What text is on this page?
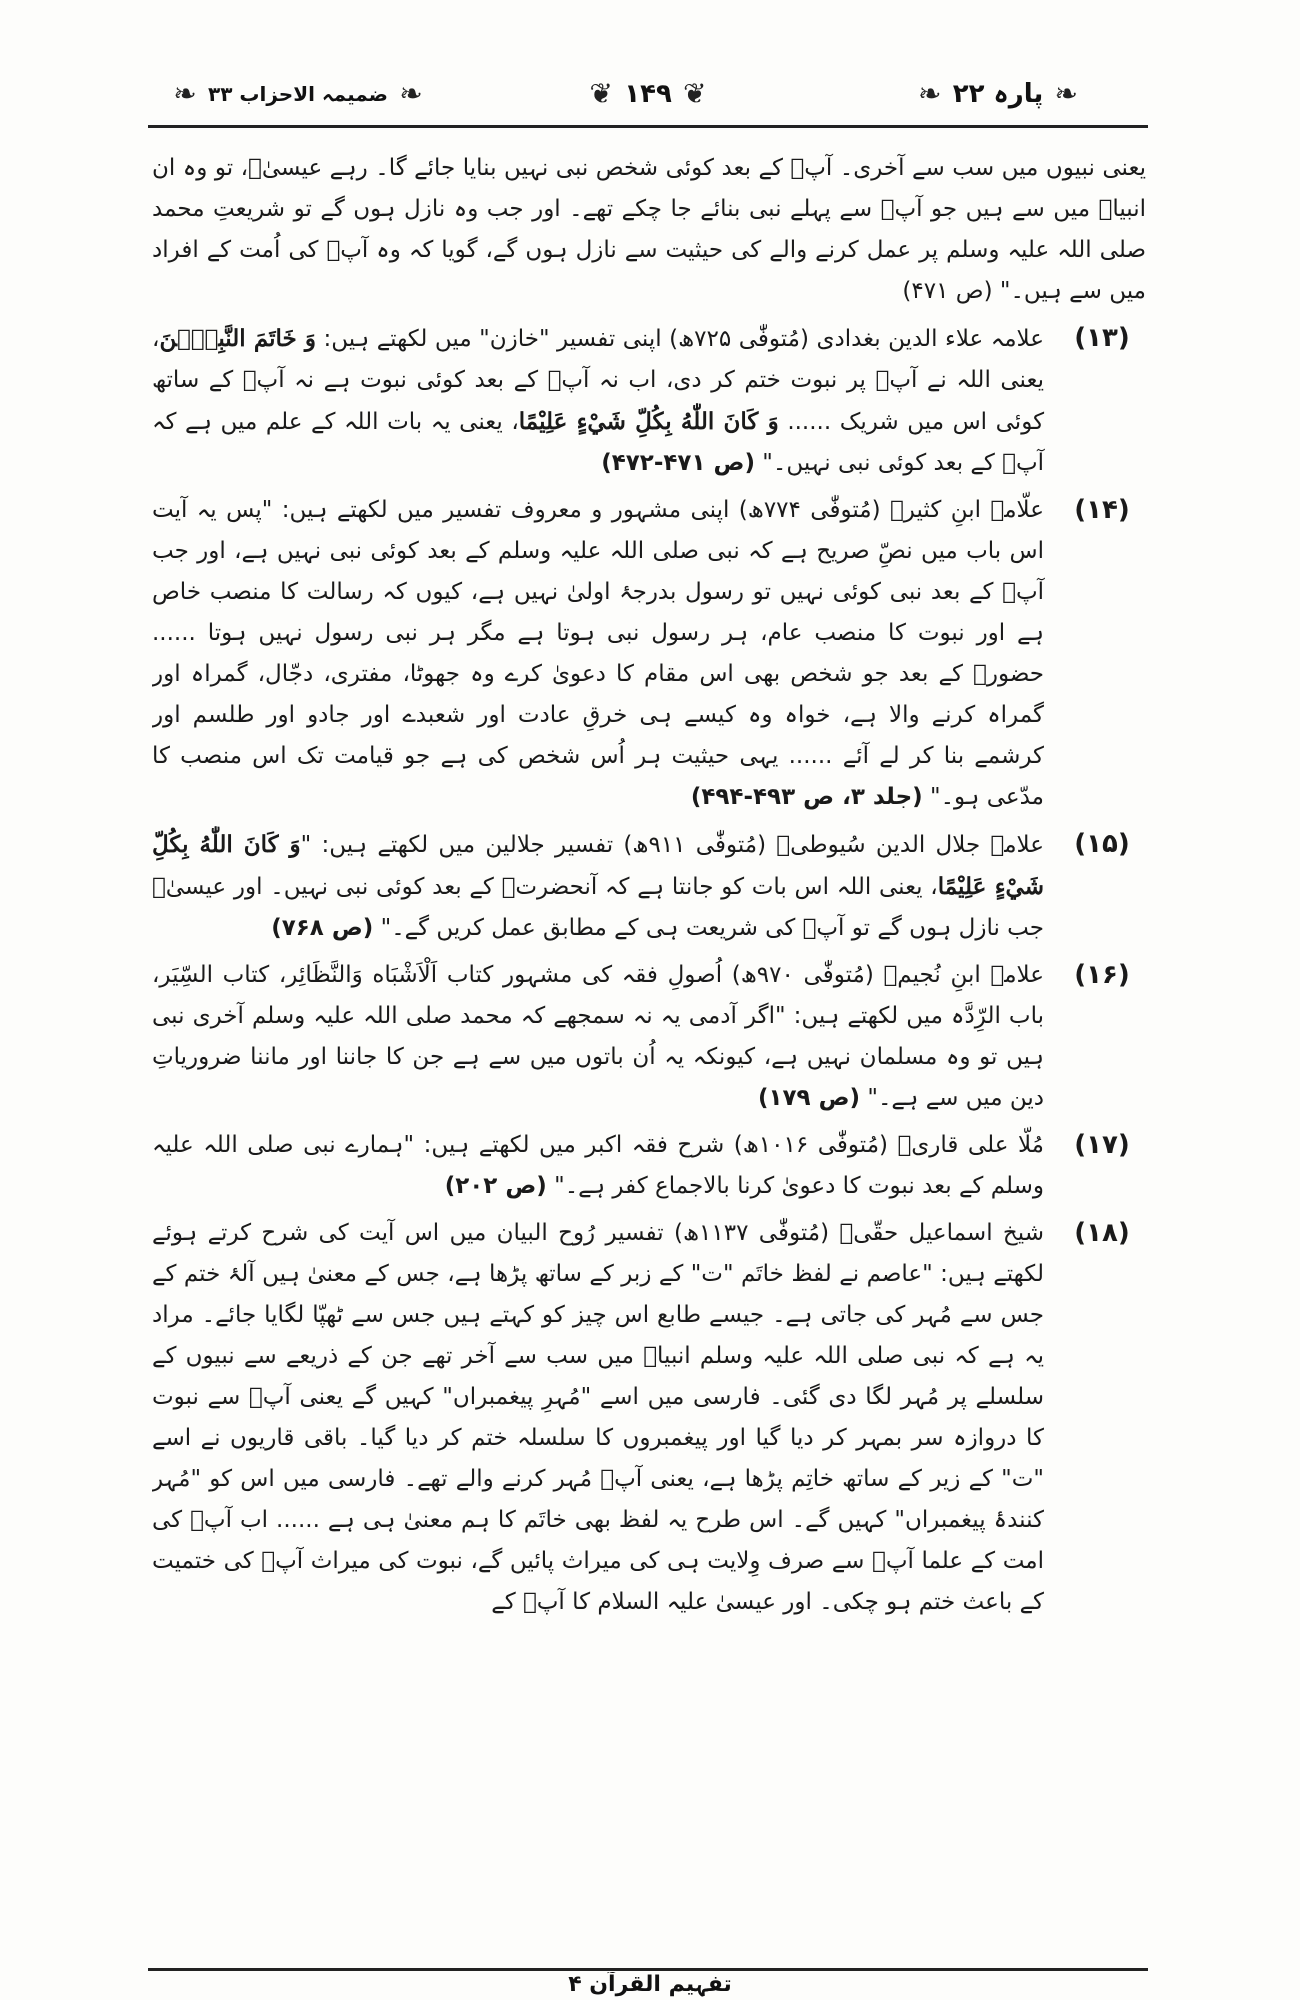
❧
پارہ ۲۲
❧
❦
۱۴۹
❦
❧
ضمیمہ الاحزاب ۳۳
❧

یعنی نبیوں میں سب سے آخری۔ آپؐ کے بعد کوئی شخص نبی نہیں بنایا جائے گا۔ رہے عیسیٰؑ، تو وہ ان انبیاؑ میں سے ہیں جو آپؐ سے پہلے نبی بنائے جا چکے تھے۔ اور جب وہ نازل ہوں گے تو شریعتِ محمد صلی اللہ علیہ وسلم پر عمل کرنے والے کی حیثیت سے نازل ہوں گے، گویا کہ وہ آپؐ کی اُمت کے افراد میں سے ہیں۔" (ص ۴۷۱)

(۱۳)
علامہ علاء الدین بغدادی (مُتوفّٰی ۷۲۵ھ) اپنی تفسیر "خازن" میں لکھتے ہیں: وَ خَاتَمَ النَّبِيّٖنَ، یعنی اللہ نے آپؐ پر نبوت ختم کر دی، اب نہ آپؐ کے بعد کوئی نبوت ہے نہ آپؐ کے ساتھ کوئی اس میں شریک ...... وَ كَانَ اللّٰهُ بِكُلِّ شَيْءٍ عَلِيْمًا، یعنی یہ بات اللہ کے علم میں ہے کہ آپؐ کے بعد کوئی نبی نہیں۔" (ص ۴۷۱-۴۷۲)
(۱۴)
علّامہ ابنِ کثیرؒ (مُتوفّٰی ۷۷۴ھ) اپنی مشہور و معروف تفسیر میں لکھتے ہیں: "پس یہ آیت اس باب میں نصِّ صریح ہے کہ نبی صلی اللہ علیہ وسلم کے بعد کوئی نبی نہیں ہے، اور جب آپؐ کے بعد نبی کوئی نہیں تو رسول بدرجۂ اولیٰ نہیں ہے، کیوں کہ رسالت کا منصب خاص ہے اور نبوت کا منصب عام، ہر رسول نبی ہوتا ہے مگر ہر نبی رسول نہیں ہوتا ...... حضورؐ کے بعد جو شخص بھی اس مقام کا دعویٰ کرے وہ جھوٹا، مفتری، دجّال، گمراہ اور گمراہ کرنے والا ہے، خواہ وہ کیسے ہی خرقِ عادت اور شعبدے اور جادو اور طلسم اور کرشمے بنا کر لے آئے ...... یہی حیثیت ہر اُس شخص کی ہے جو قیامت تک اس منصب کا مدّعی ہو۔" (جلد ۳، ص ۴۹۳-۴۹۴)
(۱۵)
علامہ جلال الدین سُیوطیؒ (مُتوفّٰی ۹۱۱ھ) تفسیر جلالین میں لکھتے ہیں: "وَ كَانَ اللّٰهُ بِكُلِّ شَيْءٍ عَلِيْمًا، یعنی اللہ اس بات کو جانتا ہے کہ آنحضرتؐ کے بعد کوئی نبی نہیں۔ اور عیسیٰؑ جب نازل ہوں گے تو آپؐ کی شریعت ہی کے مطابق عمل کریں گے۔" (ص ۷۶۸)
(۱۶)
علامہ ابنِ نُجیمؒ (مُتوفّٰی ۹۷۰ھ) اُصولِ فقہ کی مشہور کتاب اَلْاَشْبَاه وَالنَّظَائِر، کتاب السِّیَر، باب الرِّدَّہ میں لکھتے ہیں: "اگر آدمی یہ نہ سمجھے کہ محمد صلی اللہ علیہ وسلم آخری نبی ہیں تو وہ مسلمان نہیں ہے، کیونکہ یہ اُن باتوں میں سے ہے جن کا جاننا اور ماننا ضروریاتِ دین میں سے ہے۔" (ص ۱۷۹)
(۱۷)
مُلّا علی قاریؒ (مُتوفّٰی ۱۰۱۶ھ) شرح فقہ اکبر میں لکھتے ہیں: "ہمارے نبی صلی اللہ علیہ وسلم کے بعد نبوت کا دعویٰ کرنا بالاجماع کفر ہے۔" (ص ۲۰۲)
(۱۸)
شیخ اسماعیل حقّیؒ (مُتوفّٰی ۱۱۳۷ھ) تفسیر رُوح البیان میں اس آیت کی شرح کرتے ہوئے لکھتے ہیں: "عاصم نے لفظ خاتَم "ت" کے زبر کے ساتھ پڑھا ہے، جس کے معنیٰ ہیں آلۂ ختم کے جس سے مُہر کی جاتی ہے۔ جیسے طابع اس چیز کو کہتے ہیں جس سے ٹھپّا لگایا جائے۔ مراد یہ ہے کہ نبی صلی اللہ علیہ وسلم انبیاؑ میں سب سے آخر تھے جن کے ذریعے سے نبیوں کے سلسلے پر مُہر لگا دی گئی۔ فارسی میں اسے "مُہرِ پیغمبراں" کہیں گے یعنی آپؐ سے نبوت کا دروازہ سر بمہر کر دیا گیا اور پیغمبروں کا سلسلہ ختم کر دیا گیا۔ باقی قاریوں نے اسے "ت" کے زیر کے ساتھ خاتِم پڑھا ہے، یعنی آپؐ مُہر کرنے والے تھے۔ فارسی میں اس کو "مُہر کنندۂ پیغمبراں" کہیں گے۔ اس طرح یہ لفظ بھی خاتَم کا ہم معنیٰ ہی ہے ...... اب آپؐ کی امت کے علما آپؐ سے صرف وِلایت ہی کی میراث پائیں گے، نبوت کی میراث آپؐ کی ختمیت کے باعث ختم ہو چکی۔ اور عیسیٰ علیہ السلام کا آپؐ کے
تفہیم القرآن ۴
